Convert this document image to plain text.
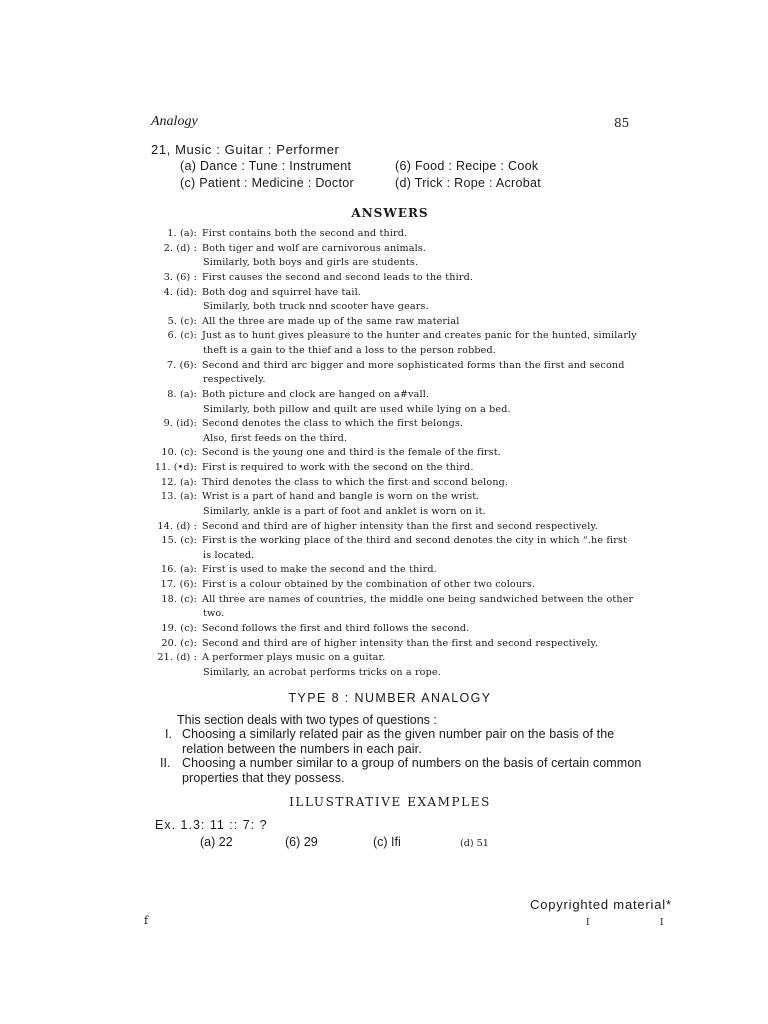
Analogy	85
21, Music : Guitar : Performer
(a) Dance : Tune : Instrument	(6) Food : Recipe : Cook
(c) Patient : Medicine : Doctor	(d) Trick : Rope : Acrobat
ANSWERS
1. (a): First contains both the second and third.
2. (d) : Both tiger and wolf are carnivorous animals.
Similarly, both boys and girls are students.
3. (6) : First causes the second and second leads to the third.
4. (id): Both dog and squirrel have tail.
Similarly, both truck nnd scooter have gears.
5. (c): All the three are made up of the same raw material
6. (c): Just as to hunt gives pleasure to the hunter and creates panic for the hunted, similarly
theft is a gain to the thief and a loss to the person robbed.
7. (6): Second and third arc bigger and more sophisticated forms than the first and second
respectively.
8. (a): Both picture and clock are hanged on a#vall.
Similarly, both pillow and quilt are used while lying on a bed.
9. (id): Second denotes the class to which the first belongs.
Also, first feeds on the third.
10. (c): Second is the young one and third is the female of the first.
11. (•d): First is required to work with the second on the third.
12. (a): Third denotes the class to which the first and sccond belong.
13. (a): Wrist is a part of hand and bangle is worn on the wrist.
Similarly, ankle is a part of foot and anklet is worn on it.
14. (d) : Second and third are of higher intensity than the first and second respectively.
15. (c): First is the working place of the third and second denotes the city in which “.he first
is located.
16. (a): First is used to make the second and the third.
17. (6): First is a colour obtained by the combination of other two colours.
18. (c): All three are names of countries, the middle one being sandwiched between the other
two.
19. (c): Second follows the first and third follows the second.
20. (c): Second and third are of higher intensity than the first and second respectively.
21. (d) : A performer plays music on a guitar.
Similarly, an acrobat performs tricks on a rope.
TYPE 8 : NUMBER ANALOGY
This section deals with two types of questions :
I. Choosing a similarly related pair as the given number pair on the basis of the
relation between the numbers in each pair.
II. Choosing a number similar to a group of numbers on the basis of certain common
properties that they possess.
ILLUSTRATIVE EXAMPLES
Ex. 1.3: 11 :: 7: ?
(a) 22	(6) 29	(c) Ifi	(d) 51
Copyrighted material*
f	I	I
